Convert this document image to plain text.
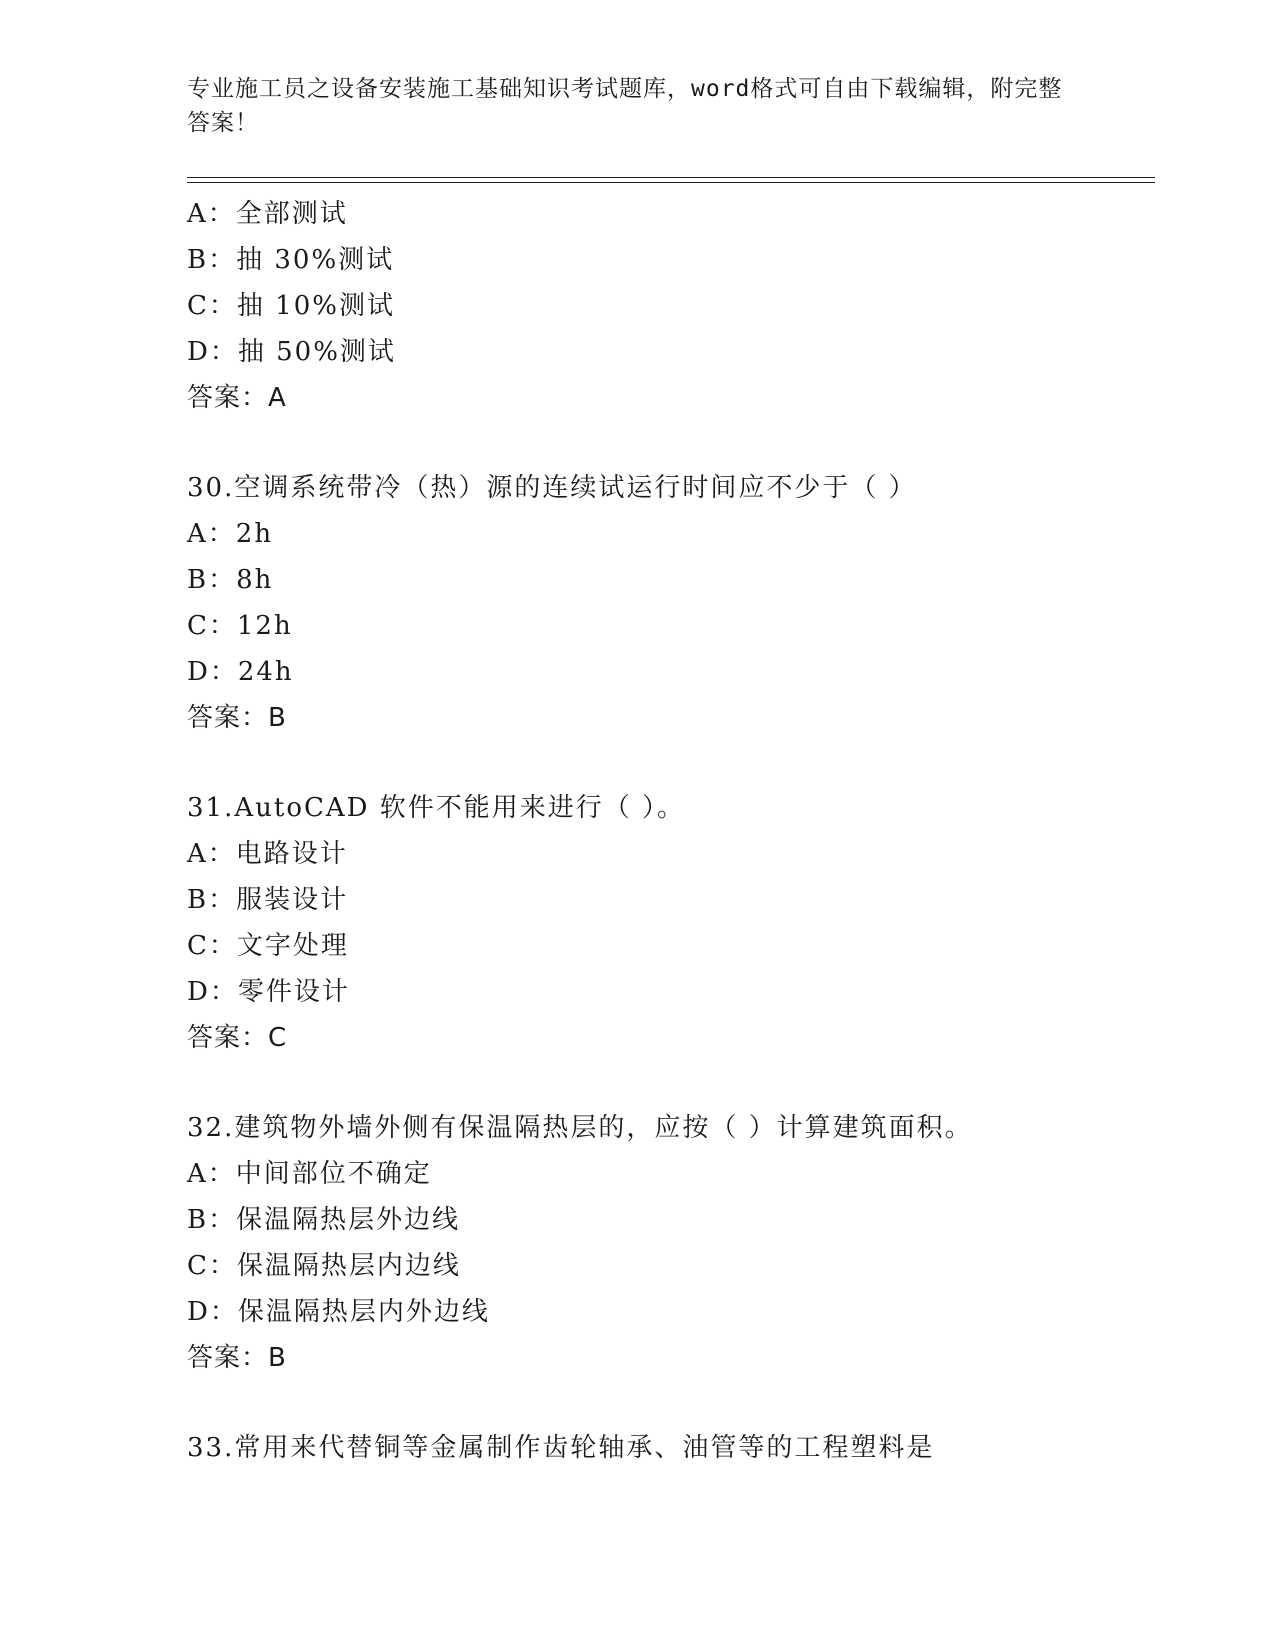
专业施工员之设备安装施工基础知识考试题库，word格式可自由下载编辑，附完整答案！

A：全部测试
B：抽 30%测试
C：抽 10%测试
D：抽 50%测试
答案：A
30.空调系统带冷（热）源的连续试运行时间应不少于（ ）
A：2h
B：8h
C：12h
D：24h
答案：B
31.AutoCAD 软件不能用来进行（ ）。
A：电路设计
B：服装设计
C：文字处理
D：零件设计
答案：C
32.建筑物外墙外侧有保温隔热层的，应按（ ）计算建筑面积。
A：中间部位不确定
B：保温隔热层外边线
C：保温隔热层内边线
D：保温隔热层内外边线
答案：B
33.常用来代替铜等金属制作齿轮轴承、油管等的工程塑料是
